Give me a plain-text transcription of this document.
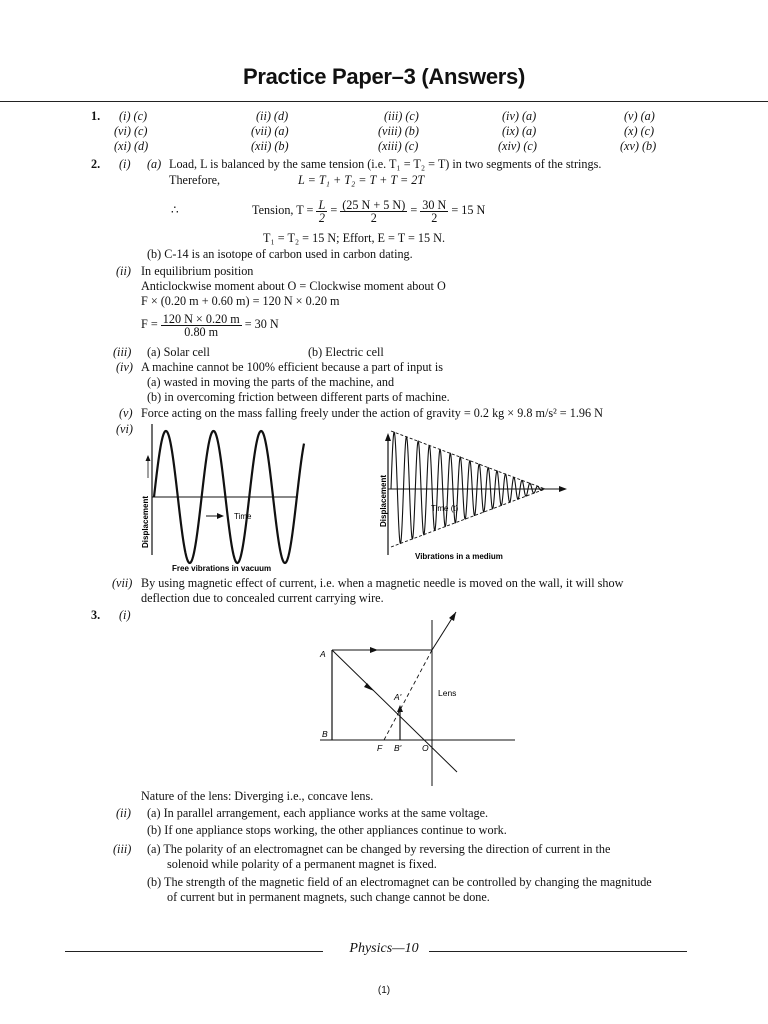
Practice Paper–3 (Answers)
1. (i) (c)	(ii) (d)	(iii) (c)	(iv) (a)	(v) (a)
(vi) (c)	(vii) (a)	(viii) (b)	(ix) (a)	(x) (c)
(xi) (d)	(xii) (b)	(xiii) (c)	(xiv) (c)	(xv) (b)
2. (i) (a) Load, L is balanced by the same tension (i.e. T₁ = T₂ = T) in two segments of the strings.
Therefore,	L = T₁ + T₂ = T + T = 2T
∴	Tension, $T = \frac{L}{2} = \frac{(25 N + 5 N)}{2} = \frac{30 N}{2} = 15$ N
T₁ = T₂ = 15 N; Effort, E = T = 15 N.
(b) C-14 is an isotope of carbon used in carbon dating.
(ii) In equilibrium position
Anticlockwise moment about O = Clockwise moment about O
F × (0.20 m + 0.60 m) = 120 N × 0.20 m
$F = \frac{120 N \times 0.20 m}{0.80 m} = 30$ N
(iii) (a) Solar cell	(b) Electric cell
(iv) A machine cannot be 100% efficient because a part of input is
(a) wasted in moving the parts of the machine, and
(b) in overcoming friction between different parts of machine.
(v) Force acting on the mass falling freely under the action of gravity = 0.2 kg × 9.8 m/s² = 1.96 N
(vi)
Time
Displacement
Free vibrations in vacuum
Time (t)
Displacement
Vibrations in a medium
(vii) By using magnetic effect of current, i.e. when a magnetic needle is moved on the wall, it will show
deflection due to concealed current carrying wire.
3. (i)
A
A'
B
F B' O
Lens
Nature of the lens: Diverging i.e., concave lens.
(ii) (a) In parallel arrangement, each appliance works at the same voltage.
(b) If one appliance stops working, the other appliances continue to work.
(iii) (a) The polarity of an electromagnet can be changed by reversing the direction of current in the
solenoid while polarity of a permanent magnet is fixed.
(b) The strength of the magnetic field of an electromagnet can be controlled by changing the magnitude
of current but in permanent magnets, such change cannot be done.
Physics—10
(1)
